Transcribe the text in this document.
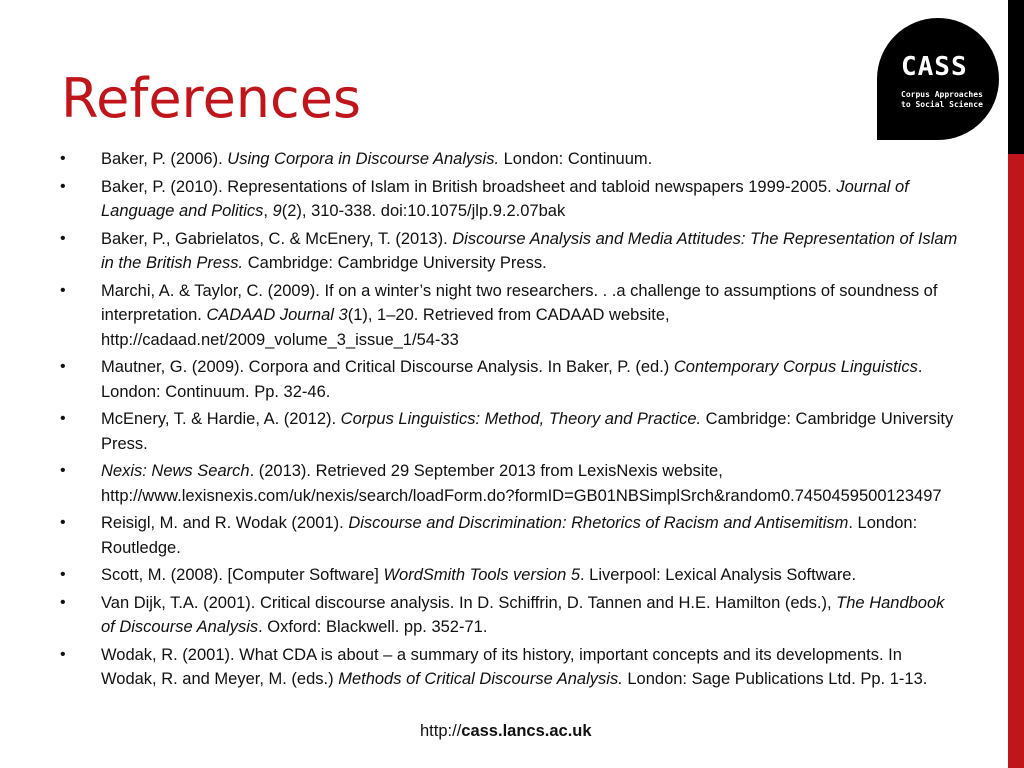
CASS
Corpus Approaches
to Social Science
References
• Baker, P. (2006). Using Corpora in Discourse Analysis. London: Continuum.
• Baker, P. (2010). Representations of Islam in British broadsheet and tabloid newspapers 1999-2005. Journal of Language and Politics, 9(2), 310-338. doi:10.1075/jlp.9.2.07bak
• Baker, P., Gabrielatos, C. & McEnery, T. (2013). Discourse Analysis and Media Attitudes: The Representation of Islam in the British Press. Cambridge: Cambridge University Press.
• Marchi, A. & Taylor, C. (2009). If on a winter’s night two researchers. . .a challenge to assumptions of soundness of interpretation. CADAAD Journal 3(1), 1–20. Retrieved from CADAAD website, http://cadaad.net/2009_volume_3_issue_1/54-33
• Mautner, G. (2009). Corpora and Critical Discourse Analysis. In Baker, P. (ed.) Contemporary Corpus Linguistics. London: Continuum. Pp. 32-46.
• McEnery, T. & Hardie, A. (2012). Corpus Linguistics: Method, Theory and Practice. Cambridge: Cambridge University Press.
• Nexis: News Search. (2013). Retrieved 29 September 2013 from LexisNexis website, http://www.lexisnexis.com/uk/nexis/search/loadForm.do?formID=GB01NBSimplSrch&random0.7450459500123497
• Reisigl, M. and R. Wodak (2001). Discourse and Discrimination: Rhetorics of Racism and Antisemitism. London: Routledge.
• Scott, M. (2008). [Computer Software] WordSmith Tools version 5. Liverpool: Lexical Analysis Software.
• Van Dijk, T.A. (2001). Critical discourse analysis. In D. Schiffrin, D. Tannen and H.E. Hamilton (eds.), The Handbook of Discourse Analysis. Oxford: Blackwell. pp. 352-71.
• Wodak, R. (2001). What CDA is about – a summary of its history, important concepts and its developments. In Wodak, R. and Meyer, M. (eds.) Methods of Critical Discourse Analysis. London: Sage Publications Ltd. Pp. 1-13.
http://cass.lancs.ac.uk
